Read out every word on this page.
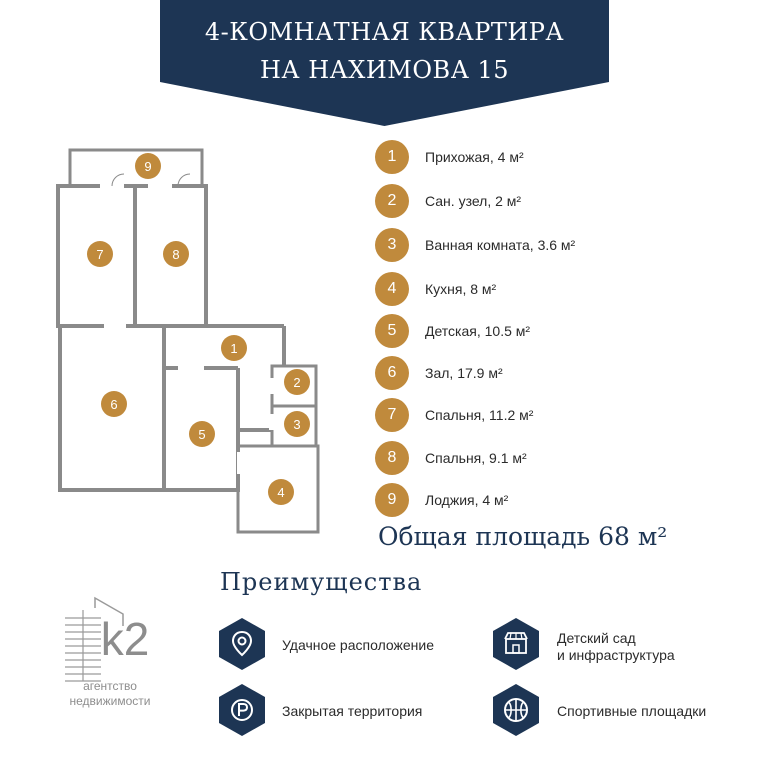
4-КОМНАТНАЯ КВАРТИРА
НА НАХИМОВА 15
9
7	8
1
2
3
6
5
4
1	Прихожая, 4 м²
2	Сан. узел, 2 м²
3	Ванная комната, 3.6 м²
4	Кухня, 8 м²
5	Детская, 10.5 м²
6	Зал, 17.9 м²
7	Спальня, 11.2 м²
8	Спальня, 9.1 м²
9	Лоджия, 4 м²
Общая площадь 68 м²
Преимущества
Удачное расположение	Детский сад
и инфраструктура
Закрытая территория	Спортивные площадки
k2
агентство
недвижимости
